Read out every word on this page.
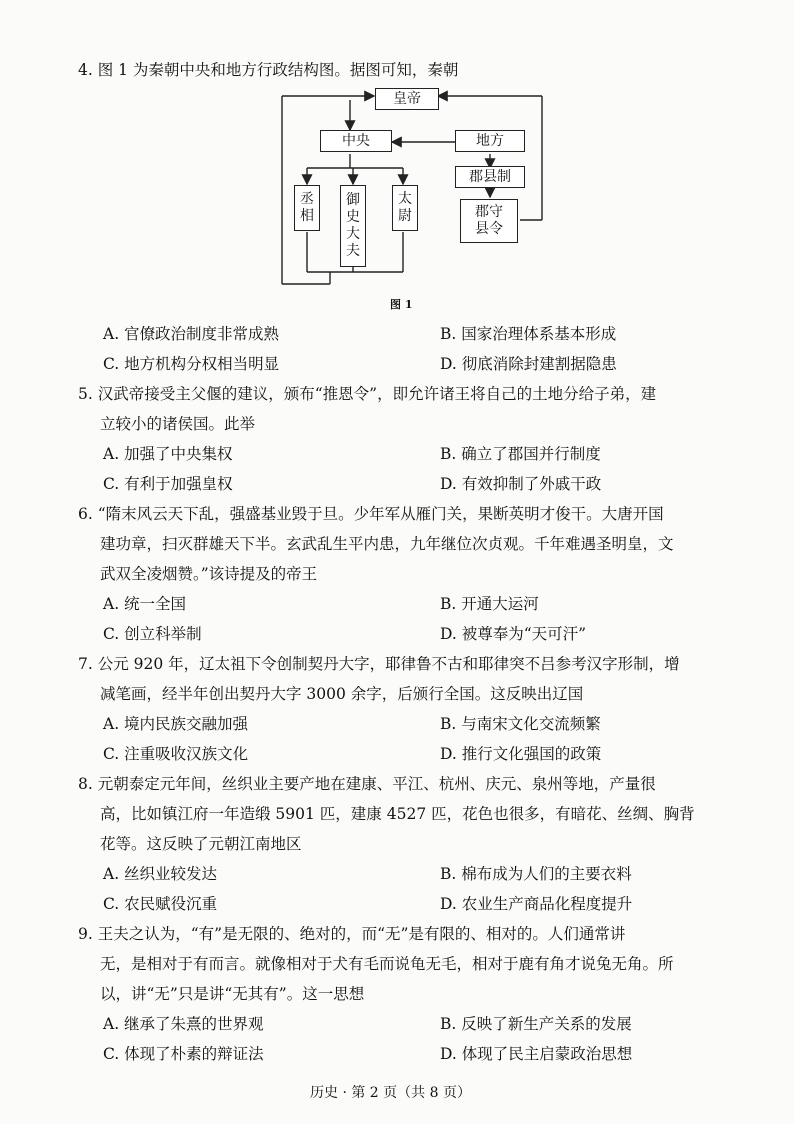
4. 图 1 为秦朝中央和地方行政结构图。据图可知，秦朝
皇帝
中央	地方
郡县制
郡守
县令
丞
相
御
史
大
夫
太
尉
图 1
A. 官僚政治制度非常成熟	B. 国家治理体系基本形成
C. 地方机构分权相当明显	D. 彻底消除封建割据隐患
5. 汉武帝接受主父偃的建议，颁布“推恩令”，即允许诸王将自己的土地分给子弟，建
立较小的诸侯国。此举
A. 加强了中央集权	B. 确立了郡国并行制度
C. 有利于加强皇权	D. 有效抑制了外戚干政
6. “隋末风云天下乱，强盛基业毁于旦。少年军从雁门关，果断英明才俊干。大唐开国
建功章，扫灭群雄天下半。玄武乱生平内患，九年继位次贞观。千年难遇圣明皇，文
武双全凌烟赞。”该诗提及的帝王
A. 统一全国	B. 开通大运河
C. 创立科举制	D. 被尊奉为“天可汗”
7. 公元 920 年，辽太祖下令创制契丹大字，耶律鲁不古和耶律突不吕参考汉字形制，增
减笔画，经半年创出契丹大字 3000 余字，后颁行全国。这反映出辽国
A. 境内民族交融加强	B. 与南宋文化交流频繁
C. 注重吸收汉族文化	D. 推行文化强国的政策
8. 元朝泰定元年间，丝织业主要产地在建康、平江、杭州、庆元、泉州等地，产量很
高，比如镇江府一年造缎 5901 匹，建康 4527 匹，花色也很多，有暗花、丝绸、胸背
花等。这反映了元朝江南地区
A. 丝织业较发达	B. 棉布成为人们的主要衣料
C. 农民赋役沉重	D. 农业生产商品化程度提升
9. 王夫之认为，“有”是无限的、绝对的，而“无”是有限的、相对的。人们通常讲
无，是相对于有而言。就像相对于犬有毛而说龟无毛，相对于鹿有角才说兔无角。所
以，讲“无”只是讲“无其有”。这一思想
A. 继承了朱熹的世界观	B. 反映了新生产关系的发展
C. 体现了朴素的辩证法	D. 体现了民主启蒙政治思想
历史 · 第 2 页（共 8 页）
